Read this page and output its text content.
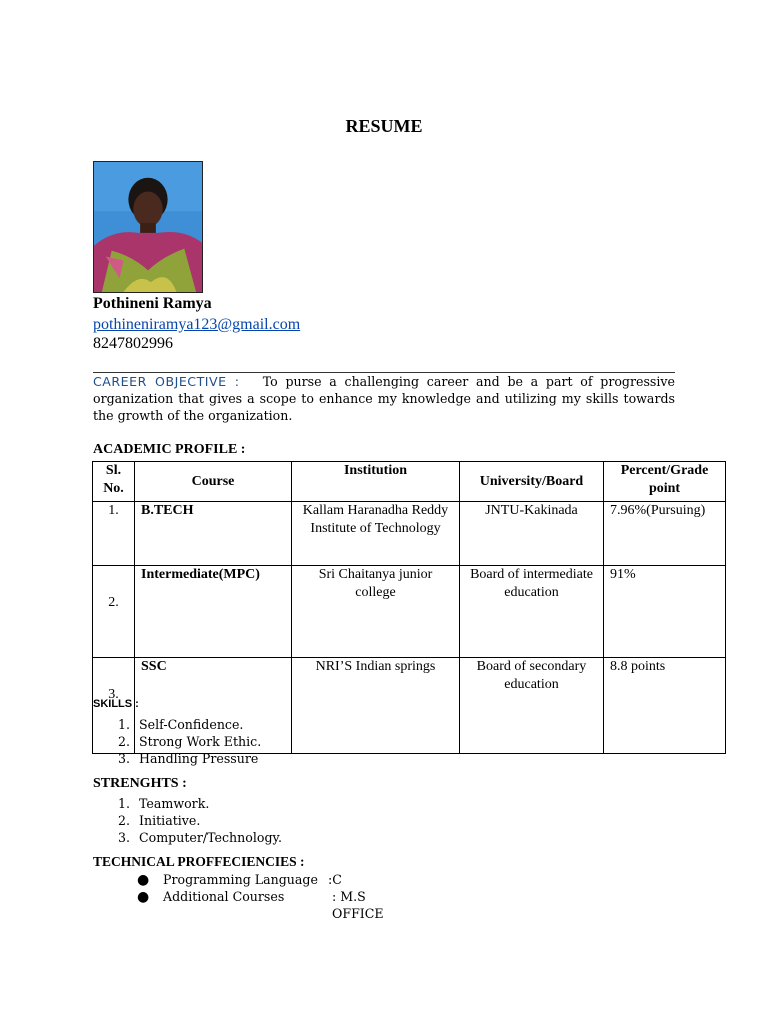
RESUME
Pothineni Ramya
pothineniramya123@gmail.com
8247802996
CAREER OBJECTIVE : To purse a challenging career and be a part of progressive organization that gives a scope to enhance my knowledge and utilizing my skills towards the growth of the organization.
ACADEMIC PROFILE :
Sl. No.	Course	Institution	University/Board	Percent/Grade point
1.	B.TECH	Kallam Haranadha Reddy Institute of Technology	JNTU-Kakinada	7.96%(Pursuing)
2.	Intermediate(MPC)	Sri Chaitanya junior college	Board of intermediate education	91%
3.	SSC	NRI’S Indian springs	Board of secondary education	8.8 points
SKILLS :
1. Self-Confidence.
2. Strong Work Ethic.
3. Handling Pressure
STRENGHTS :
1. Teamwork.
2. Initiative.
3. Computer/Technology.
TECHNICAL PROFFECIENCIES :
● Programming Language :C
● Additional Courses	: M.S OFFICE
